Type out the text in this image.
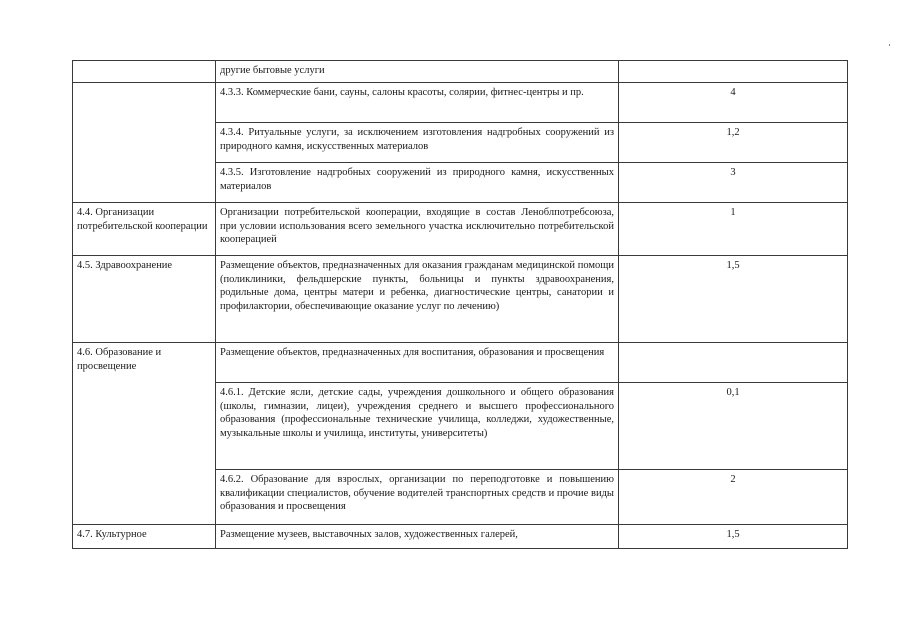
	другие бытовые услуги	
	4.3.3. Коммерческие бани, сауны, салоны красоты, солярии, фитнес-центры и пр.	4
	4.3.4. Ритуальные услуги, за исключением изготовления надгробных сооружений из природного камня, искусственных материалов	1,2
	4.3.5. Изготовление надгробных сооружений из природного камня, искусственных материалов	3
4.4. Организации потребительской кооперации	Организации потребительской кооперации, входящие в состав Леноблпотребсоюза, при условии использования всего земельного участка исключительно потребительской кооперацией	1
4.5. Здравоохранение	Размещение объектов, предназначенных для оказания гражданам медицинской помощи (поликлиники, фельдшерские пункты, больницы и пункты здравоохранения, родильные дома, центры матери и ребенка, диагностические центры, санатории и профилактории, обеспечивающие оказание услуг по лечению)	1,5
4.6. Образование и просвещение	Размещение объектов, предназначенных для воспитания, образования и просвещения	
	4.6.1. Детские ясли, детские сады, учреждения дошкольного и общего образования (школы, гимназии, лицеи), учреждения среднего и высшего профессионального образования (профессиональные технические училища, колледжи, художественные, музыкальные школы и училища, институты, университеты)	0,1
	4.6.2. Образование для взрослых, организации по переподготовке и повышению квалификации специалистов, обучение водителей транспортных средств и прочие виды образования и просвещения	2
4.7. Культурное	Размещение музеев, выставочных залов, художественных галерей,	1,5
